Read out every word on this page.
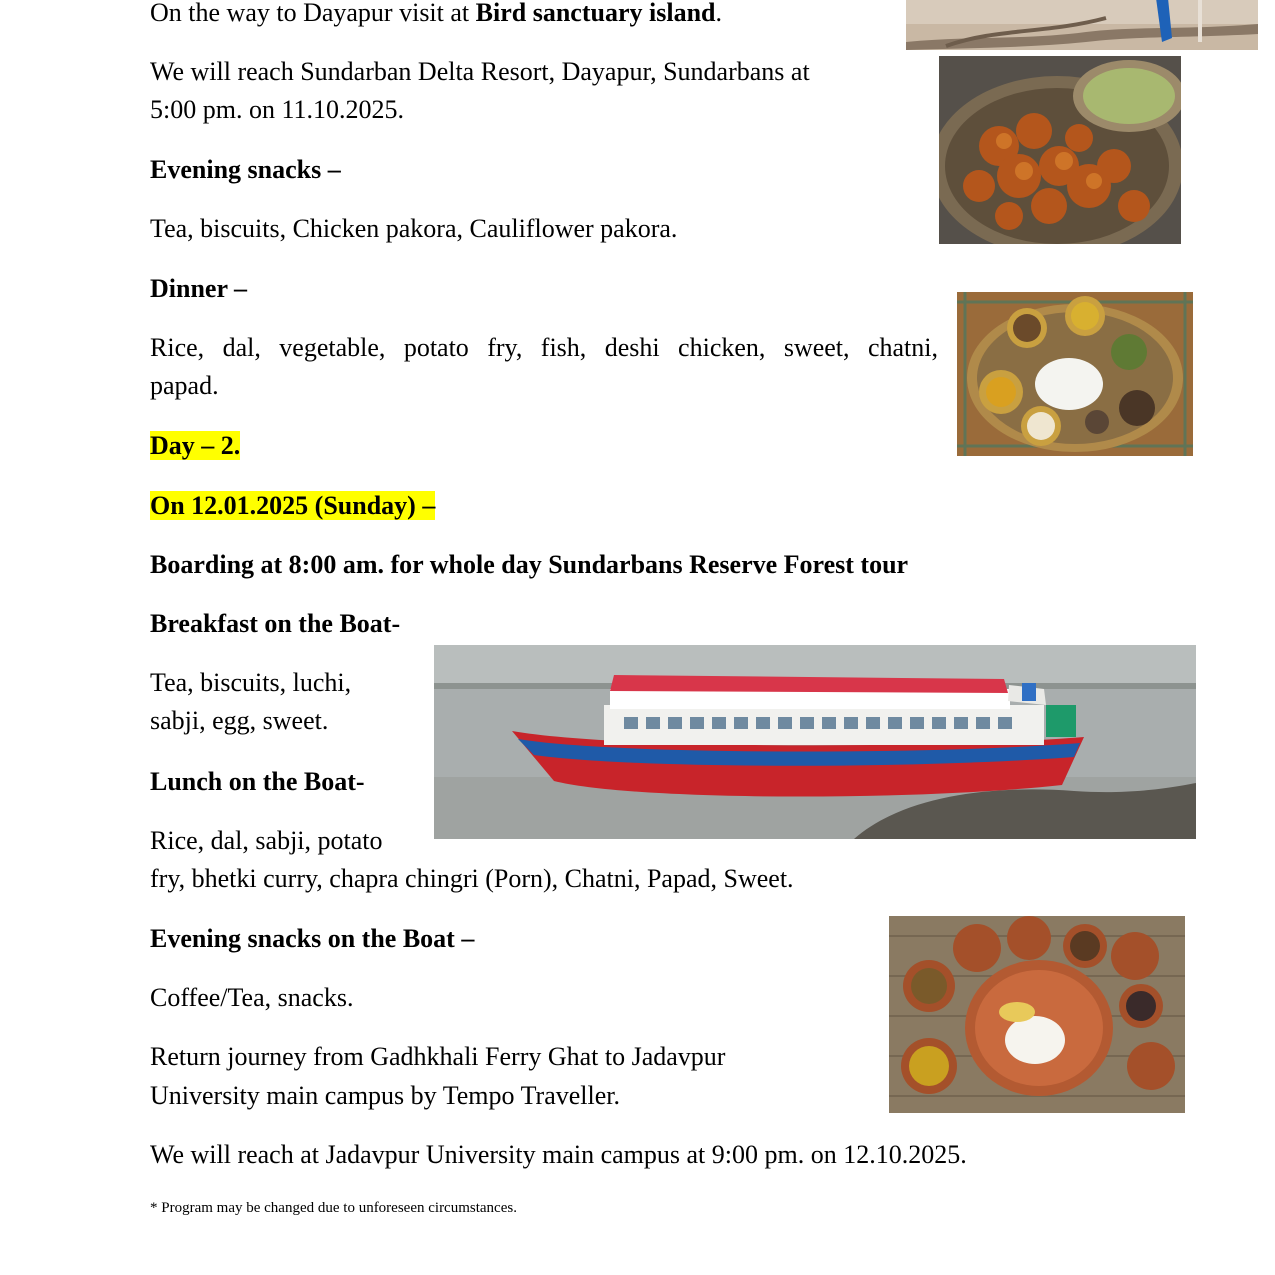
On the way to Dayapur visit at Bird sanctuary island.

We will reach Sundarban Delta Resort, Dayapur, Sundarbans at

5:00 pm. on 11.10.2025.

Evening snacks –

Tea, biscuits, Chicken pakora, Cauliflower pakora.

Dinner –

Rice, dal, vegetable, potato fry, fish, deshi chicken, sweet, chatni,

papad.

Day – 2.

On 12.01.2025 (Sunday) –

Boarding at 8:00 am. for whole day Sundarbans Reserve Forest tour

Breakfast on the Boat-

Tea, biscuits, luchi,

sabji, egg, sweet.

Lunch on the Boat-

Rice, dal, sabji, potato

fry, bhetki curry, chapra chingri (Porn), Chatni, Papad, Sweet.

Evening snacks on the Boat –

Coffee/Tea, snacks.

Return journey from Gadhkhali Ferry Ghat to Jadavpur

University main campus by Tempo Traveller.

We will reach at Jadavpur University main campus at 9:00 pm. on 12.10.2025.

* Program may be changed due to unforeseen circumstances.
